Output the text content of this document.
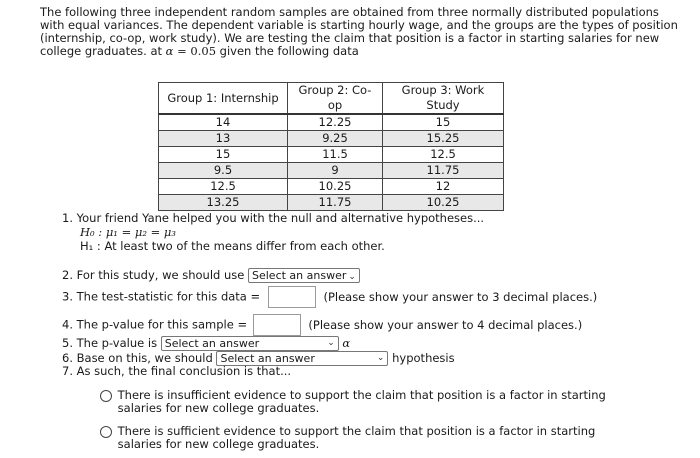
The following three independent random samples are obtained from three normally distributed populations with equal variances. The dependent variable is starting hourly wage, and the groups are the types of position (internship, co-op, work study). We are testing the claim that position is a factor in starting salaries for new college graduates. at α = 0.05 given the following data

Group 1: Internship	Group 2: Co-op	Group 3: Work Study
14	12.25	15
13	9.25	15.25
15	11.5	12.5
9.5	9	11.75
12.5	10.25	12
13.25	11.75	10.25
1. Your friend Yane helped you with the null and alternative hypotheses...
H₀ : μ₁ = μ₂ = μ₃
H₁ : At least two of the means differ from each other.
2. For this study, we should use Select an answer ⌄
3. The test-statistic for this data =	(Please show your answer to 3 decimal places.)
4. The p-value for this sample =	(Please show your answer to 4 decimal places.)
5. The p-value is Select an answer	⌄ α
6. Base on this, we should Select an answer	⌄ hypothesis
7. As such, the final conclusion is that...
There is insufficient evidence to support the claim that position is a factor in starting salaries for new college graduates.
There is sufficient evidence to support the claim that position is a factor in starting salaries for new college graduates.
